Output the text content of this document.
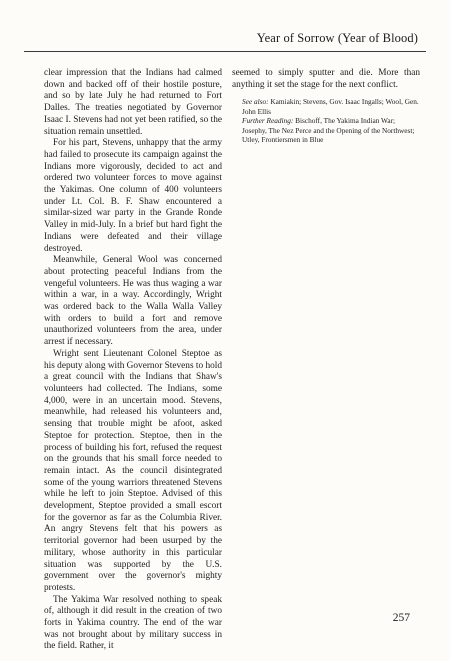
Year of Sorrow (Year of Blood)

clear impression that the Indians had calmed down and backed off of their hostile posture, and so by late July he had returned to Fort Dalles. The treaties negotiated by Governor Isaac I. Stevens had not yet been ratified, so the situation remain unsettled.

For his part, Stevens, unhappy that the army had failed to prosecute its campaign against the Indians more vigorously, decided to act and ordered two volunteer forces to move against the Yakimas. One column of 400 volunteers under Lt. Col. B. F. Shaw encountered a similar-sized war party in the Grande Ronde Valley in mid-July. In a brief but hard fight the Indians were defeated and their village destroyed.

Meanwhile, General Wool was concerned about protecting peaceful Indians from the vengeful volunteers. He was thus waging a war within a war, in a way. Accordingly, Wright was ordered back to the Walla Walla Valley with orders to build a fort and remove unauthorized volunteers from the area, under arrest if necessary.

Wright sent Lieutenant Colonel Steptoe as his deputy along with Governor Stevens to hold a great council with the Indians that Shaw's volunteers had collected. The Indians, some 4,000, were in an uncertain mood. Stevens, meanwhile, had released his volunteers and, sensing that trouble might be afoot, asked Steptoe for protection. Steptoe, then in the process of building his fort, refused the request on the grounds that his small force needed to remain intact. As the council disintegrated some of the young warriors threatened Stevens while he left to join Steptoe. Advised of this development, Steptoe provided a small escort for the governor as far as the Columbia River. An angry Stevens felt that his powers as territorial governor had been usurped by the military, whose authority in this particular situation was supported by the U.S. government over the governor's mighty protests.

The Yakima War resolved nothing to speak of, although it did result in the creation of two forts in Yakima country. The end of the war was not brought about by military success in the field. Rather, it

seemed to simply sputter and die. More than anything it set the stage for the next conflict.

See also: Kamiakin; Stevens, Gov. Isaac Ingalls; Wool, Gen. John Ellis
Further Reading: Bischoff, The Yakima Indian War; Josephy, The Nez Perce and the Opening of the Northwest; Utley, Frontiersmen in Blue
257
